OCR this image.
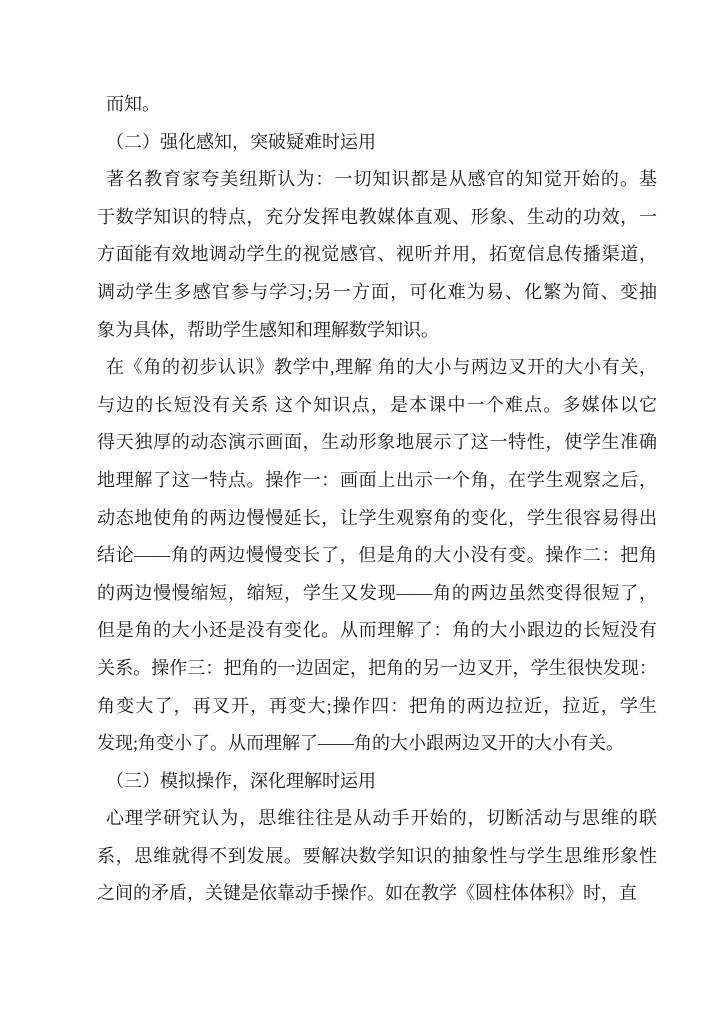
而知。
（二）强化感知，突破疑难时运用
著名教育家夸美纽斯认为：一切知识都是从感官的知觉开始的。基
于数学知识的特点，充分发挥电教媒体直观、形象、生动的功效，一
方面能有效地调动学生的视觉感官、视听并用，拓宽信息传播渠道，
调动学生多感官参与学习;另一方面，可化难为易、化繁为简、变抽
象为具体，帮助学生感知和理解数学知识。
在《角的初步认识》教学中,理解 角的大小与两边叉开的大小有关，
与边的长短没有关系 这个知识点，是本课中一个难点。多媒体以它
得天独厚的动态演示画面，生动形象地展示了这一特性，使学生准确
地理解了这一特点。操作一：画面上出示一个角，在学生观察之后，
动态地使角的两边慢慢延长，让学生观察角的变化，学生很容易得出
结论——角的两边慢慢变长了，但是角的大小没有变。操作二：把角
的两边慢慢缩短，缩短，学生又发现——角的两边虽然变得很短了，
但是角的大小还是没有变化。从而理解了：角的大小跟边的长短没有
关系。操作三：把角的一边固定，把角的另一边叉开，学生很快发现：
角变大了，再叉开，再变大;操作四：把角的两边拉近，拉近，学生
发现;角变小了。从而理解了——角的大小跟两边叉开的大小有关。
（三）模拟操作，深化理解时运用
心理学研究认为，思维往往是从动手开始的，切断活动与思维的联
系，思维就得不到发展。要解决数学知识的抽象性与学生思维形象性
之间的矛盾，关键是依靠动手操作。如在教学《圆柱体体积》时，直
